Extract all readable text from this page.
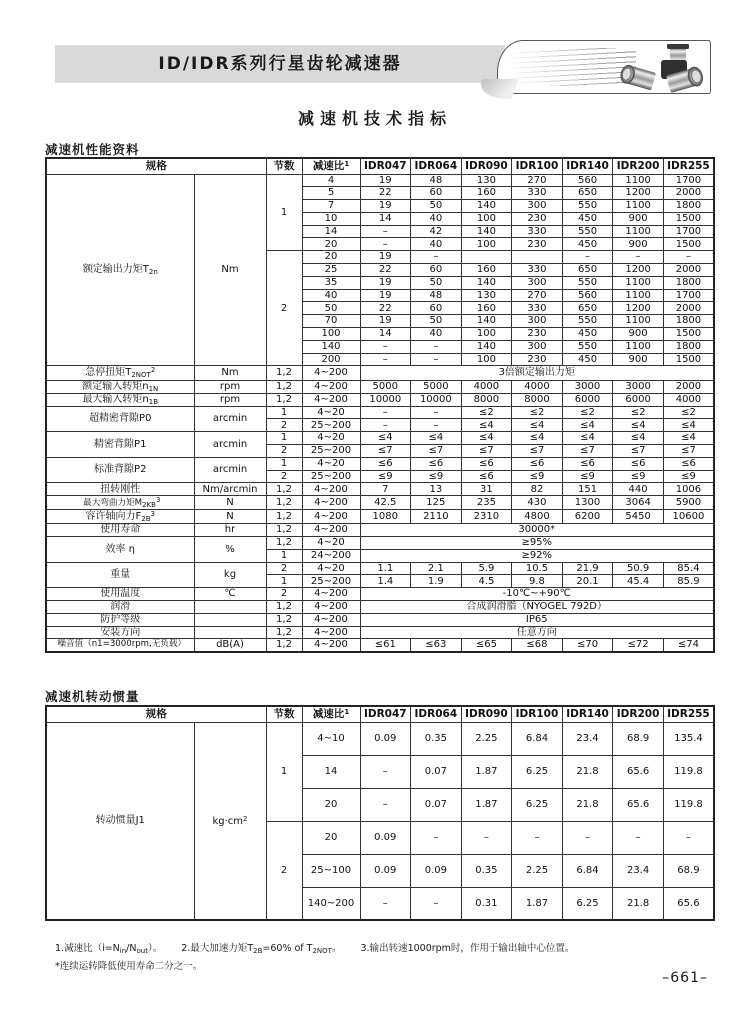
ID/IDR系列行星齿轮减速器
减速机技术指标
减速机性能资料
规格		节数	减速比$^1$	IDR047	IDR064	IDR090	IDR100	IDR140	IDR200	IDR255
额定输出力矩$T_{2n}$	Nm	1	4	19	48	130	270	560	1100	1700
			5	22	60	160	330	650	1200	2000
			7	19	50	140	300	550	1100	1800
			10	14	40	100	230	450	900	1500
			14	–	42	140	330	550	1100	1700
			20	–	40	100	230	450	900	1500
		2	20	19	–			–	–	–
			25	22	60	160	330	650	1200	2000
			35	19	50	140	300	550	1100	1800
			40	19	48	130	270	560	1100	1700
			50	22	60	160	330	650	1200	2000
			70	19	50	140	300	550	1100	1800
			100	14	40	100	230	450	900	1500
			140	–	–	140	300	550	1100	1800
			200	–	–	100	230	450	900	1500
急停扭矩$T_{2NOT}^2$	Nm	1,2	4~200	3倍额定输出力矩						
额定输入转矩$n_{1N}$	rpm	1,2	4~200	5000	5000	4000	4000	3000	3000	2000
最大输入转矩$n_{1B}$	rpm	1,2	4~200	10000	10000	8000	8000	6000	6000	4000
超精密背隙P0	arcmin	1	4~20	–	–	≤2	≤2	≤2	≤2	≤2
		2	25~200	–	–	≤4	≤4	≤4	≤4	≤4
精密背隙P1	arcmin	1	4~20	≤4	≤4	≤4	≤4	≤4	≤4	≤4
		2	25~200	≤7	≤7	≤7	≤7	≤7	≤7	≤7
标准背隙P2	arcmin	1	4~20	≤6	≤6	≤6	≤6	≤6	≤6	≤6
		2	25~200	≤9	≤9	≤6	≤9	≤9	≤9	≤9
扭转刚性	Nm/arcmin	1,2	4~200	7	13	31	82	151	440	1006
最大弯曲力矩$M_{2KB}^3$	N	1,2	4~200	42.5	125	235	430	1300	3064	5900
容许轴向力$F_{2B}^3$	N	1,2	4~200	1080	2110	2310	4800	6200	5450	10600
使用寿命	hr	1,2	4~200	30000*						
效率 η	%	1,2	4~20	≥95%						
		1	24~200	≥92%						
重量	kg	2	4~20	1.1	2.1	5.9	10.5	21.9	50.9	85.4
		1	25~200	1.4	1.9	4.5	9.8	20.1	45.4	85.9
使用温度	℃	2	4~200	-10℃~+90℃						
润滑		1,2	4~200	合成润滑脂（NYOGEL 792D）						
防护等级		1,2	4~200	IP65						
安装方向		1,2	4~200	任意方向						
噪音值（n1=3000rpm,无负载）	dB(A)	1,2	4~200	≤61	≤63	≤65	≤68	≤70	≤72	≤74
减速机转动惯量
规格		节数	减速比$^1$	IDR047	IDR064	IDR090	IDR100	IDR140	IDR200	IDR255
转动惯量J1	$kg\cdot cm^2$	1	4~10	0.09	0.35	2.25	6.84	23.4	68.9	135.4
			14	–	0.07	1.87	6.25	21.8	65.6	119.8
			20	–	0.07	1.87	6.25	21.8	65.6	119.8
		2	20	0.09	–	–	–	–	–	–
			25~100	0.09	0.09	0.35	2.25	6.84	23.4	68.9
			140~200	–	–	0.31	1.87	6.25	21.8	65.6
1.减速比$(i=N_{in}/N_{out})$。 2.最大加速力矩$T_{2B}=60\%$ of $T_{2NOT}$。 3.输出转速1000rpm时，作用于输出轴中心位置。
*连续运转降低使用寿命二分之一。
–661–
